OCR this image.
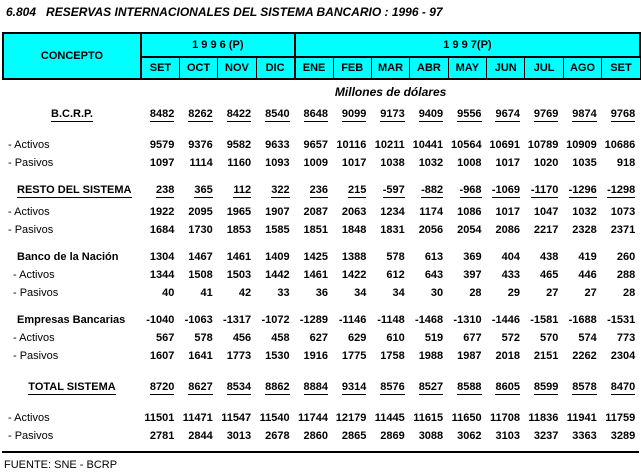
6.804   RESERVAS INTERNACIONALES DEL SISTEMA BANCARIO : 1996 - 97
CONCEPTO	1 9 9 6 (P)				1 9 9 7(P)								
	SET	OCT	NOV	DIC	ENE	FEB	MAR	ABR	MAY	JUN	JUL	AGO	SET
	Millones de dólares												
B.C.R.P.	8482	8262	8422	8540	8648	9099	9173	9409	9556	9674	9769	9874	9768
- Activos	9579	9376	9582	9633	9657	10116	10211	10441	10564	10691	10789	10909	10686
- Pasivos	1097	1114	1160	1093	1009	1017	1038	1032	1008	1017	1020	1035	918
RESTO DEL SISTEMA	238	365	112	322	236	215	-597	-882	-968	-1069	-1170	-1296	-1298
- Activos	1922	2095	1965	1907	2087	2063	1234	1174	1086	1017	1047	1032	1073
- Pasivos	1684	1730	1853	1585	1851	1848	1831	2056	2054	2086	2217	2328	2371
Banco de la Nación	1304	1467	1461	1409	1425	1388	578	613	369	404	438	419	260
- Activos	1344	1508	1503	1442	1461	1422	612	643	397	433	465	446	288
- Pasivos	40	41	42	33	36	34	34	30	28	29	27	27	28
Empresas Bancarias	-1040	-1063	-1317	-1072	-1289	-1146	-1148	-1468	-1310	-1446	-1581	-1688	-1531
- Activos	567	578	456	458	627	629	610	519	677	572	570	574	773
- Pasivos	1607	1641	1773	1530	1916	1775	1758	1988	1987	2018	2151	2262	2304
TOTAL SISTEMA	8720	8627	8534	8862	8884	9314	8576	8527	8588	8605	8599	8578	8470
- Activos	11501	11471	11547	11540	11744	12179	11445	11615	11650	11708	11836	11941	11759
- Pasivos	2781	2844	3013	2678	2860	2865	2869	3088	3062	3103	3237	3363	3289
FUENTE: SNE - BCRP
